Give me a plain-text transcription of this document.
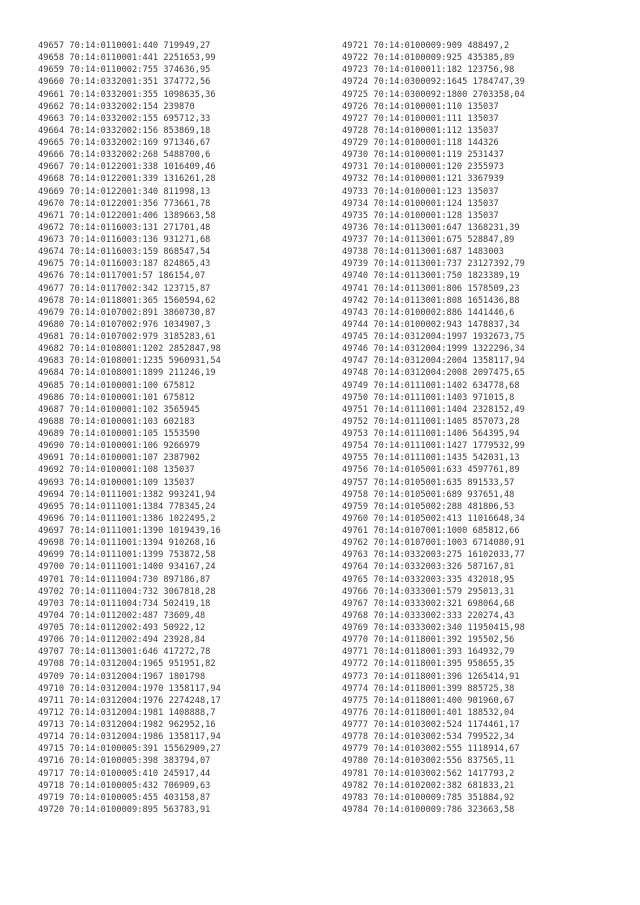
49657 70:14:0110001:440 719949,27
49658 70:14:0110001:441 2251653,99
49659 70:14:0110002:755 374636,95
49660 70:14:0332001:351 374772,56
49661 70:14:0332001:355 1098635,36
49662 70:14:0332002:154 239870
49663 70:14:0332002:155 695712,33
49664 70:14:0332002:156 853869,18
49665 70:14:0332002:169 971346,67
49666 70:14:0332002:268 5488700,6
49667 70:14:0122001:338 1016409,46
49668 70:14:0122001:339 1316261,28
49669 70:14:0122001:340 811998,13
49670 70:14:0122001:356 773661,78
49671 70:14:0122001:406 1389663,58
49672 70:14:0116003:131 271701,48
49673 70:14:0116003:136 931271,68
49674 70:14:0116003:159 868547,54
49675 70:14:0116003:187 824865,43
49676 70:14:0117001:57 186154,07
49677 70:14:0117002:342 123715,87
49678 70:14:0118001:365 1560594,62
49679 70:14:0107002:891 3860730,87
49680 70:14:0107002:976 1034907,3
49681 70:14:0107002:979 3185283,61
49682 70:14:0108001:1202 2852847,98
49683 70:14:0108001:1235 5960931,54
49684 70:14:0108001:1899 211246,19
49685 70:14:0100001:100 675812
49686 70:14:0100001:101 675812
49687 70:14:0100001:102 3565945
49688 70:14:0100001:103 602183
49689 70:14:0100001:105 1553590
49690 70:14:0100001:106 9266979
49691 70:14:0100001:107 2387902
49692 70:14:0100001:108 135037
49693 70:14:0100001:109 135037
49694 70:14:0111001:1382 993241,94
49695 70:14:0111001:1384 778345,24
49696 70:14:0111001:1386 1022495,2
49697 70:14:0111001:1390 1019439,16
49698 70:14:0111001:1394 910268,16
49699 70:14:0111001:1399 753872,58
49700 70:14:0111001:1400 934167,24
49701 70:14:0111004:730 897186,87
49702 70:14:0111004:732 3067818,28
49703 70:14:0111004:734 502419,18
49704 70:14:0112002:487 73609,48
49705 70:14:0112002:493 50922,12
49706 70:14:0112002:494 23928,84
49707 70:14:0113001:646 417272,78
49708 70:14:0312004:1965 951951,82
49709 70:14:0312004:1967 1801798
49710 70:14:0312004:1970 1358117,94
49711 70:14:0312004:1976 2274248,17
49712 70:14:0312004:1981 1408888,7
49713 70:14:0312004:1982 962952,16
49714 70:14:0312004:1986 1358117,94
49715 70:14:0100005:391 15562909,27
49716 70:14:0100005:398 383794,07
49717 70:14:0100005:410 245917,44
49718 70:14:0100005:432 706909,63
49719 70:14:0100005:455 403158,87
49720 70:14:0100009:895 563783,91
49721 70:14:0100009:909 488497,2
49722 70:14:0100009:925 435385,89
49723 70:14:0100011:182 123756,98
49724 70:14:0300092:1645 1784747,39
49725 70:14:0300092:1800 2703358,04
49726 70:14:0100001:110 135037
49727 70:14:0100001:111 135037
49728 70:14:0100001:112 135037
49729 70:14:0100001:118 144326
49730 70:14:0100001:119 2531437
49731 70:14:0100001:120 2355973
49732 70:14:0100001:121 3367939
49733 70:14:0100001:123 135037
49734 70:14:0100001:124 135037
49735 70:14:0100001:128 135037
49736 70:14:0113001:647 1368231,39
49737 70:14:0113001:675 528847,89
49738 70:14:0113001:687 1483003
49739 70:14:0113001:737 23127392,79
49740 70:14:0113001:750 1823389,19
49741 70:14:0113001:806 1578509,23
49742 70:14:0113001:808 1651436,88
49743 70:14:0100002:886 1441446,6
49744 70:14:0100002:943 1478837,34
49745 70:14:0312004:1997 1932673,75
49746 70:14:0312004:1999 1322296,34
49747 70:14:0312004:2004 1358117,94
49748 70:14:0312004:2008 2097475,65
49749 70:14:0111001:1402 634778,68
49750 70:14:0111001:1403 971015,8
49751 70:14:0111001:1404 2328152,49
49752 70:14:0111001:1405 857073,28
49753 70:14:0111001:1406 564395,94
49754 70:14:0111001:1427 1779532,99
49755 70:14:0111001:1435 542031,13
49756 70:14:0105001:633 4597761,89
49757 70:14:0105001:635 891533,57
49758 70:14:0105001:689 937651,48
49759 70:14:0105002:288 481806,53
49760 70:14:0105002:413 11016648,34
49761 70:14:0107001:1000 685812,66
49762 70:14:0107001:1003 6714080,91
49763 70:14:0332003:275 16102033,77
49764 70:14:0332003:326 587167,81
49765 70:14:0332003:335 432018,95
49766 70:14:0333001:579 295013,31
49767 70:14:0333002:321 698064,68
49768 70:14:0333002:333 220274,43
49769 70:14:0333002:340 11950415,98
49770 70:14:0118001:392 195502,56
49771 70:14:0118001:393 164932,79
49772 70:14:0118001:395 958655,35
49773 70:14:0118001:396 1265414,91
49774 70:14:0118001:399 885725,38
49775 70:14:0118001:400 901960,67
49776 70:14:0118001:401 188532,04
49777 70:14:0103002:524 1174461,17
49778 70:14:0103002:534 799522,34
49779 70:14:0103002:555 1118914,67
49780 70:14:0103002:556 837565,11
49781 70:14:0103002:562 1417793,2
49782 70:14:0102002:382 681833,21
49783 70:14:0100009:785 351884,92
49784 70:14:0100009:786 323663,58
